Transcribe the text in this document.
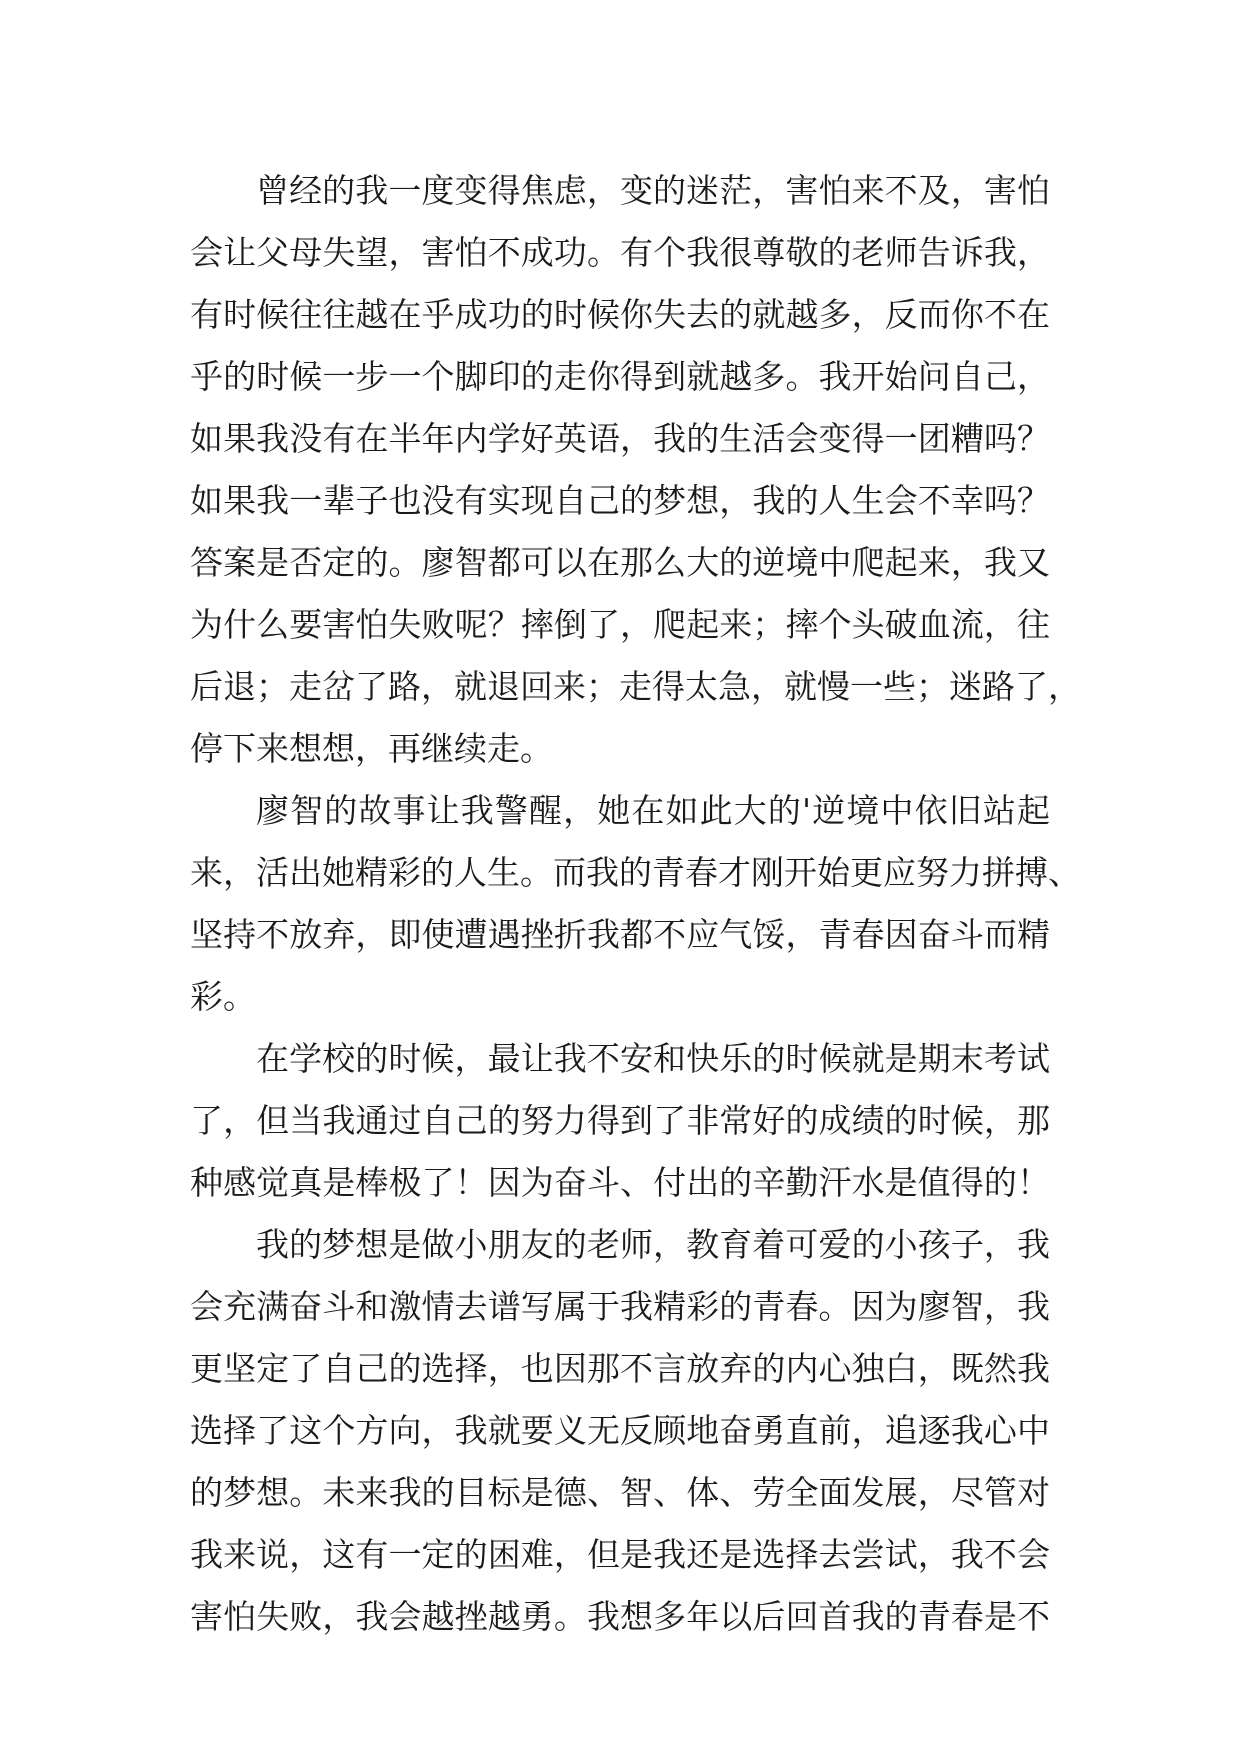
曾经的我一度变得焦虑，变的迷茫，害怕来不及，害怕
会让父母失望，害怕不成功。有个我很尊敬的老师告诉我，
有时候往往越在乎成功的时候你失去的就越多，反而你不在
乎的时候一步一个脚印的走你得到就越多。我开始问自己，
如果我没有在半年内学好英语，我的生活会变得一团糟吗？
如果我一辈子也没有实现自己的梦想，我的人生会不幸吗？
答案是否定的。廖智都可以在那么大的逆境中爬起来，我又
为什么要害怕失败呢？摔倒了，爬起来；摔个头破血流，往
后退；走岔了路，就退回来；走得太急，就慢一些；迷路了，
停下来想想，再继续走。
廖智的故事让我警醒，她在如此大的'逆境中依旧站起
来，活出她精彩的人生。而我的青春才刚开始更应努力拼搏、
坚持不放弃，即使遭遇挫折我都不应气馁，青春因奋斗而精
彩。
在学校的时候，最让我不安和快乐的时候就是期末考试
了，但当我通过自己的努力得到了非常好的成绩的时候，那
种感觉真是棒极了！因为奋斗、付出的辛勤汗水是值得的！
我的梦想是做小朋友的老师，教育着可爱的小孩子，我
会充满奋斗和激情去谱写属于我精彩的青春。因为廖智，我
更坚定了自己的选择，也因那不言放弃的内心独白，既然我
选择了这个方向，我就要义无反顾地奋勇直前，追逐我心中
的梦想。未来我的目标是德、智、体、劳全面发展，尽管对
我来说，这有一定的困难，但是我还是选择去尝试，我不会
害怕失败，我会越挫越勇。我想多年以后回首我的青春是不
